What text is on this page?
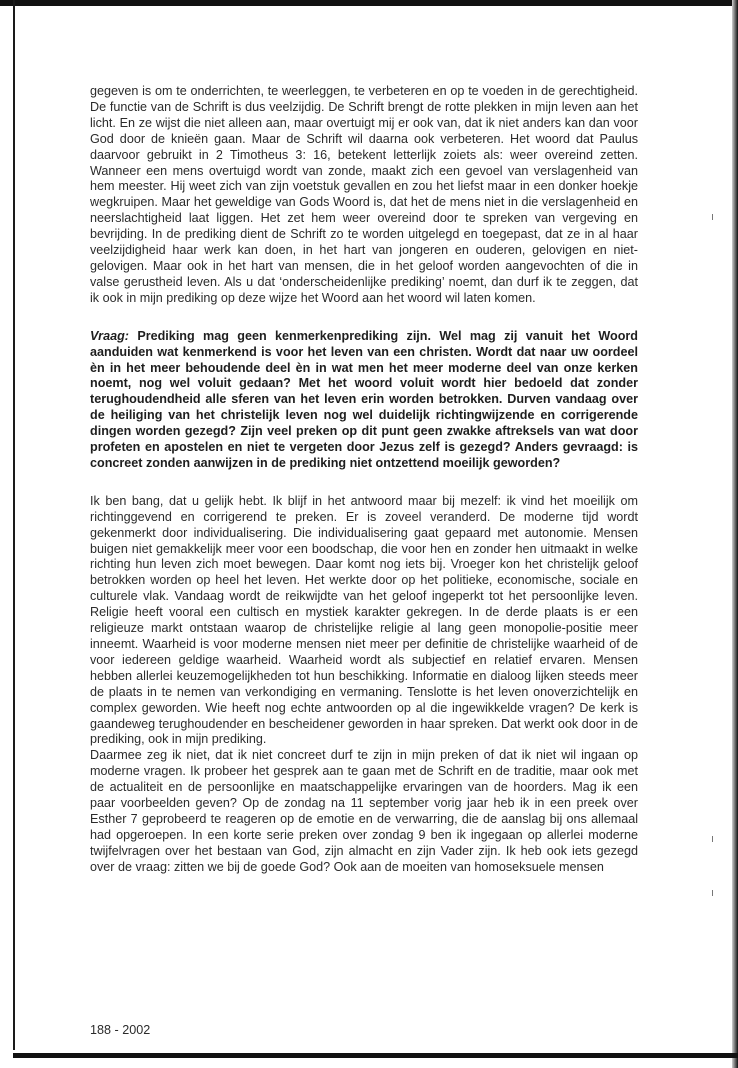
gegeven is om te onderrichten, te weerleggen, te verbeteren en op te voeden in de gerechtigheid. De functie van de Schrift is dus veelzijdig. De Schrift brengt de rotte plekken in mijn leven aan het licht. En ze wijst die niet alleen aan, maar overtuigt mij er ook van, dat ik niet anders kan dan voor God door de knieën gaan. Maar de Schrift wil daarna ook verbeteren. Het woord dat Paulus daarvoor gebruikt in 2 Timotheus 3: 16, betekent letterlijk zoiets als: weer overeind zetten. Wanneer een mens overtuigd wordt van zonde, maakt zich een gevoel van verslagenheid van hem meester. Hij weet zich van zijn voetstuk gevallen en zou het liefst maar in een donker hoekje wegkruipen. Maar het geweldige van Gods Woord is, dat het de mens niet in die verslagenheid en neerslachtigheid laat liggen. Het zet hem weer overeind door te spreken van vergeving en bevrijding. In de prediking dient de Schrift zo te worden uitgelegd en toegepast, dat ze in al haar veelzijdigheid haar werk kan doen, in het hart van jongeren en ouderen, gelovigen en niet-gelovigen. Maar ook in het hart van mensen, die in het geloof worden aangevochten of die in valse gerustheid leven. Als u dat ‘onderscheidenlijke prediking’ noemt, dan durf ik te zeggen, dat ik ook in mijn prediking op deze wijze het Woord aan het woord wil laten komen.

Vraag: Prediking mag geen kenmerkenprediking zijn. Wel mag zij vanuit het Woord aanduiden wat kenmerkend is voor het leven van een christen. Wordt dat naar uw oordeel èn in het meer behoudende deel èn in wat men het meer moderne deel van onze kerken noemt, nog wel voluit gedaan? Met het woord voluit wordt hier bedoeld dat zonder terughoudendheid alle sferen van het leven erin worden betrokken. Durven vandaag over de heiliging van het christelijk leven nog wel duidelijk richtingwijzende en corrigerende dingen worden gezegd? Zijn veel preken op dit punt geen zwakke aftreksels van wat door profeten en apostelen en niet te vergeten door Jezus zelf is gezegd? Anders gevraagd: is concreet zonden aanwijzen in de prediking niet ontzettend moeilijk geworden?

Ik ben bang, dat u gelijk hebt. Ik blijf in het antwoord maar bij mezelf: ik vind het moeilijk om richtinggevend en corrigerend te preken. Er is zoveel veranderd. De moderne tijd wordt gekenmerkt door individualisering. Die individualisering gaat gepaard met autonomie. Mensen buigen niet gemakkelijk meer voor een boodschap, die voor hen en zonder hen uitmaakt in welke richting hun leven zich moet bewegen. Daar komt nog iets bij. Vroeger kon het christelijk geloof betrokken worden op heel het leven. Het werkte door op het politieke, economische, sociale en culturele vlak. Vandaag wordt de reikwijdte van het geloof ingeperkt tot het persoonlijke leven. Religie heeft vooral een cultisch en mystiek karakter gekregen. In de derde plaats is er een religieuze markt ontstaan waarop de christelijke religie al lang geen monopolie-positie meer inneemt. Waarheid is voor moderne mensen niet meer per definitie de christelijke waarheid of de voor iedereen geldige waarheid. Waarheid wordt als subjectief en relatief ervaren. Mensen hebben allerlei keuzemogelijkheden tot hun beschikking. Informatie en dialoog lijken steeds meer de plaats in te nemen van verkondiging en vermaning. Tenslotte is het leven onoverzichtelijk en complex geworden. Wie heeft nog echte antwoorden op al die ingewikkelde vragen? De kerk is gaandeweg terughoudender en bescheidener geworden in haar spreken. Dat werkt ook door in de prediking, ook in mijn prediking.

Daarmee zeg ik niet, dat ik niet concreet durf te zijn in mijn preken of dat ik niet wil ingaan op moderne vragen. Ik probeer het gesprek aan te gaan met de Schrift en de traditie, maar ook met de actualiteit en de persoonlijke en maatschappelijke ervaringen van de hoorders. Mag ik een paar voorbeelden geven? Op de zondag na 11 september vorig jaar heb ik in een preek over Esther 7 geprobeerd te reageren op de emotie en de verwarring, die de aanslag bij ons allemaal had opgeroepen. In een korte serie preken over zondag 9 ben ik ingegaan op allerlei moderne twijfelvragen over het bestaan van God, zijn almacht en zijn Vader zijn. Ik heb ook iets gezegd over de vraag: zitten we bij de goede God? Ook aan de moeiten van homoseksuele mensen

188 - 2002
